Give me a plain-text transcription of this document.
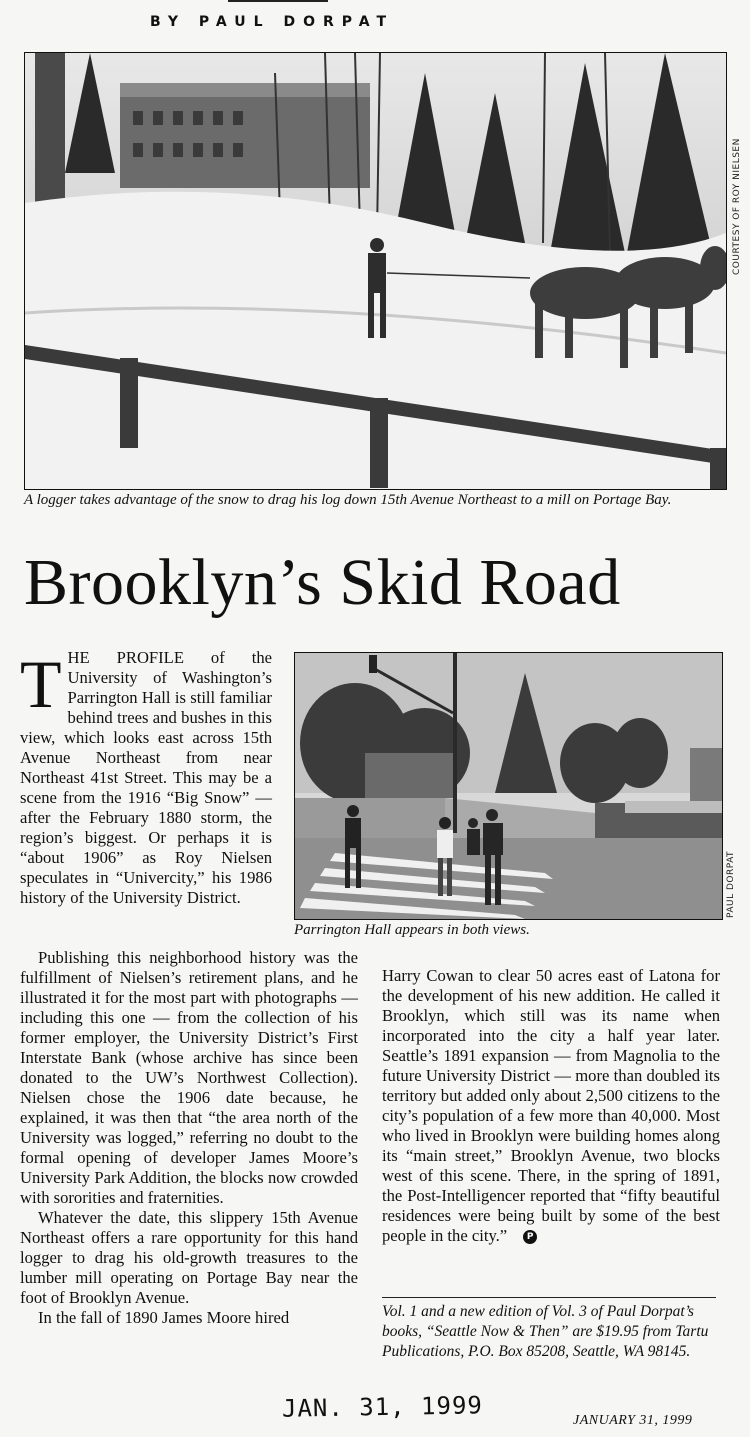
BY PAUL DORPAT
COURTESY OF ROY NIELSEN
A logger takes advantage of the snow to drag his log down 15th Avenue Northeast to a mill on Portage Bay.
Brooklyn’s Skid Road
PAUL DORPAT
Parrington Hall appears in both views.

THE PROFILE of the University of Washington’s Parrington Hall is still familiar behind trees and bushes in this view, which looks east across 15th Avenue Northeast from near Northeast 41st Street. This may be a scene from the 1916 “Big Snow” — after the February 1880 storm, the region’s biggest. Or perhaps it is “about 1906” as Roy Nielsen speculates in “Univercity,” his 1986 history of the University District.

Publishing this neighborhood history was the fulfillment of Nielsen’s retirement plans, and he illustrated it for the most part with photographs — including this one — from the collection of his former employer, the University District’s First Interstate Bank (whose archive has since been donated to the UW’s Northwest Collection). Nielsen chose the 1906 date because, he explained, it was then that “the area north of the University was logged,” referring no doubt to the formal opening of developer James Moore’s University Park Addition, the blocks now crowded with sororities and fraternities.

Whatever the date, this slippery 15th Avenue Northeast offers a rare opportunity for this hand logger to drag his old-growth treasures to the lumber mill operating on Portage Bay near the foot of Brooklyn Avenue.

In the fall of 1890 James Moore hired

Harry Cowan to clear 50 acres east of Latona for the development of his new addition. He called it Brooklyn, which still was its name when incorporated into the city a half year later. Seattle’s 1891 expansion — from Magnolia to the future University District — more than doubled its territory but added only about 2,500 citizens to the city’s population of a few more than 40,000. Most who lived in Brooklyn were building homes along its “main street,” Brooklyn Avenue, two blocks west of this scene. There, in the spring of 1891, the Post-Intelligencer reported that “fifty beautiful residences were being built by some of the best people in the city.” P

Vol. 1 and a new edition of Vol. 3 of Paul Dorpat’s books, “Seattle Now & Then” are $19.95 from Tartu Publications, P.O. Box 85208, Seattle, WA 98145.
JAN. 31, 1999	JANUARY 31, 1999
